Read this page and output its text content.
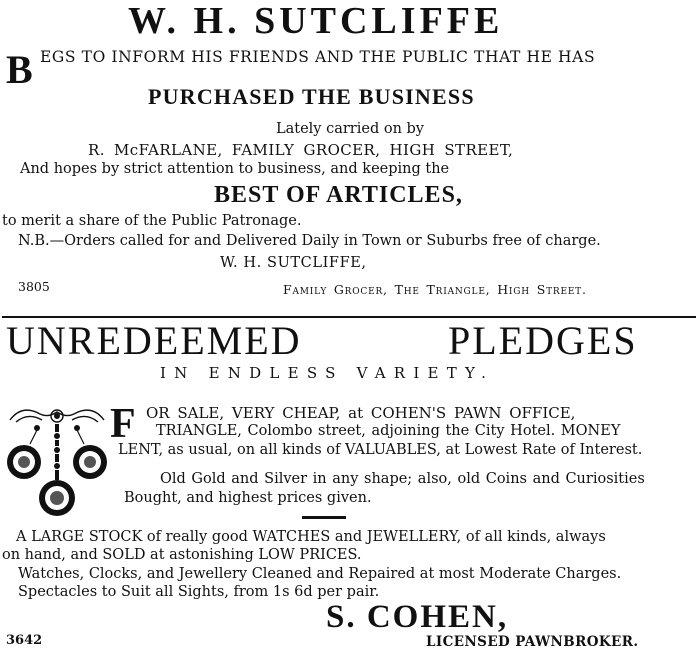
W. H. SUTCLIFFE
B EGS TO INFORM HIS FRIENDS AND THE PUBLIC THAT HE HAS
PURCHASED THE BUSINESS
Lately carried on by
R. McFARLANE, FAMILY GROCER, HIGH STREET,
And hopes by strict attention to business, and keeping the
BEST OF ARTICLES,
to merit a share of the Public Patronage.
N.B.—Orders called for and Delivered Daily in Town or Suburbs free of charge.
W. H. SUTCLIFFE,
3805	Family Grocer, The Triangle, High Street.
UNREDEEMED	PLEDGES
IN ENDLESS VARIETY.
F OR SALE, VERY CHEAP, at COHEN'S PAWN OFFICE,
TRIANGLE, Colombo street, adjoining the City Hotel. MONEY
LENT, as usual, on all kinds of VALUABLES, at Lowest Rate of Interest.
Old Gold and Silver in any shape; also, old Coins and Curiosities
Bought, and highest prices given.
A LARGE STOCK of really good WATCHES and JEWELLERY, of all kinds, always
on hand, and SOLD at astonishing LOW PRICES.
Watches, Clocks, and Jewellery Cleaned and Repaired at most Moderate Charges.
Spectacles to Suit all Sights, from 1s 6d per pair.
S. COHEN,
3642	LICENSED PAWNBROKER.
